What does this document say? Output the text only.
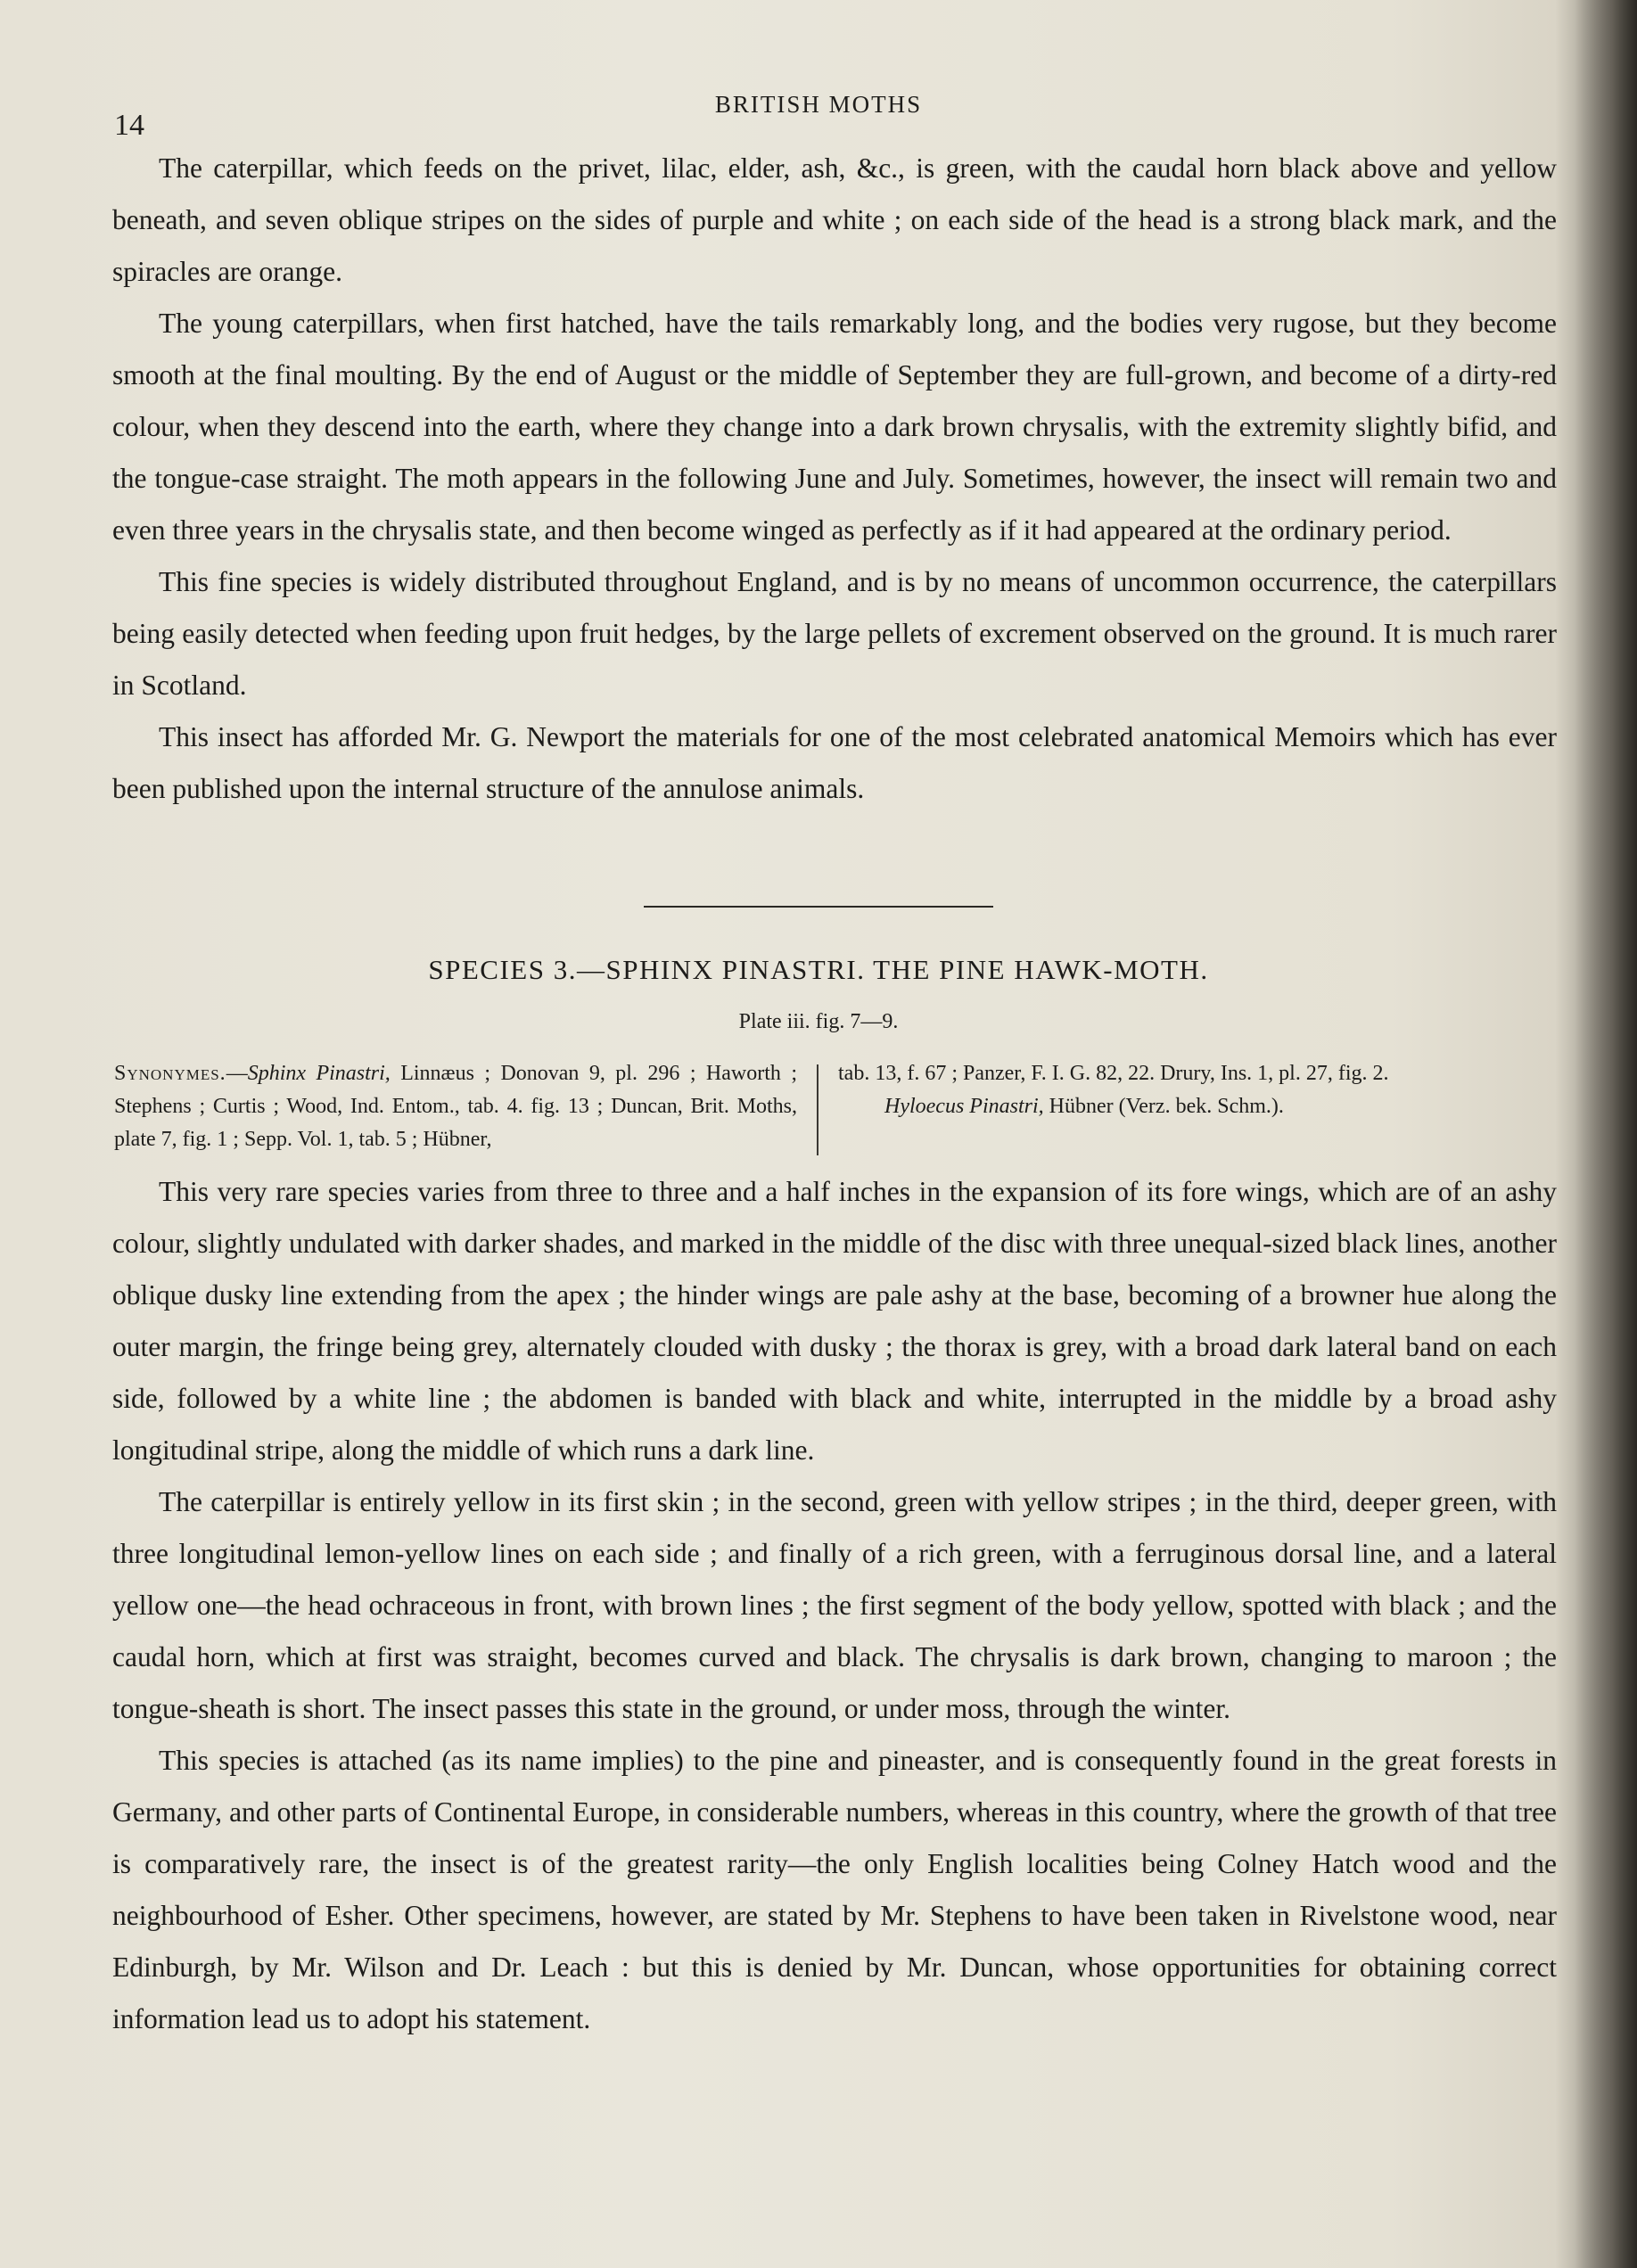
14

BRITISH MOTHS

The caterpillar, which feeds on the privet, lilac, elder, ash, &c., is green, with the caudal horn black above and yellow beneath, and seven oblique stripes on the sides of purple and white ; on each side of the head is a strong black mark, and the spiracles are orange.

The young caterpillars, when first hatched, have the tails remarkably long, and the bodies very rugose, but they become smooth at the final moulting. By the end of August or the middle of September they are full-grown, and become of a dirty-red colour, when they descend into the earth, where they change into a dark brown chrysalis, with the extremity slightly bifid, and the tongue-case straight. The moth appears in the following June and July. Sometimes, however, the insect will remain two and even three years in the chrysalis state, and then become winged as perfectly as if it had appeared at the ordinary period.

This fine species is widely distributed throughout England, and is by no means of uncommon occurrence, the caterpillars being easily detected when feeding upon fruit hedges, by the large pellets of excrement observed on the ground. It is much rarer in Scotland.

This insect has afforded Mr. G. Newport the materials for one of the most celebrated anatomical Memoirs which has ever been published upon the internal structure of the annulose animals.

SPECIES 3.—SPHINX PINASTRI. THE PINE HAWK-MOTH.

Plate iii. fig. 7—9.

Synonymes.—Sphinx Pinastri, Linnæus ; Donovan 9, pl. 296 ; Haworth ; Stephens ; Curtis ; Wood, Ind. Entom., tab. 4. fig. 13 ; Duncan, Brit. Moths, plate 7, fig. 1 ; Sepp. Vol. 1, tab. 5 ; Hübner,
tab. 13, f. 67 ; Panzer, F. I. G. 82, 22. Drury, Ins. 1, pl. 27, fig. 2.
Hyloecus Pinastri, Hübner (Verz. bek. Schm.).

This very rare species varies from three to three and a half inches in the expansion of its fore wings, which are of an ashy colour, slightly undulated with darker shades, and marked in the middle of the disc with three unequal-sized black lines, another oblique dusky line extending from the apex ; the hinder wings are pale ashy at the base, becoming of a browner hue along the outer margin, the fringe being grey, alternately clouded with dusky ; the thorax is grey, with a broad dark lateral band on each side, followed by a white line ; the abdomen is banded with black and white, interrupted in the middle by a broad ashy longitudinal stripe, along the middle of which runs a dark line.

The caterpillar is entirely yellow in its first skin ; in the second, green with yellow stripes ; in the third, deeper green, with three longitudinal lemon-yellow lines on each side ; and finally of a rich green, with a ferruginous dorsal line, and a lateral yellow one—the head ochraceous in front, with brown lines ; the first segment of the body yellow, spotted with black ; and the caudal horn, which at first was straight, becomes curved and black. The chrysalis is dark brown, changing to maroon ; the tongue-sheath is short. The insect passes this state in the ground, or under moss, through the winter.

This species is attached (as its name implies) to the pine and pineaster, and is consequently found in the great forests in Germany, and other parts of Continental Europe, in considerable numbers, whereas in this country, where the growth of that tree is comparatively rare, the insect is of the greatest rarity—the only English localities being Colney Hatch wood and the neighbourhood of Esher. Other specimens, however, are stated by Mr. Stephens to have been taken in Rivelstone wood, near Edinburgh, by Mr. Wilson and Dr. Leach : but this is denied by Mr. Duncan, whose opportunities for obtaining correct information lead us to adopt his statement.
